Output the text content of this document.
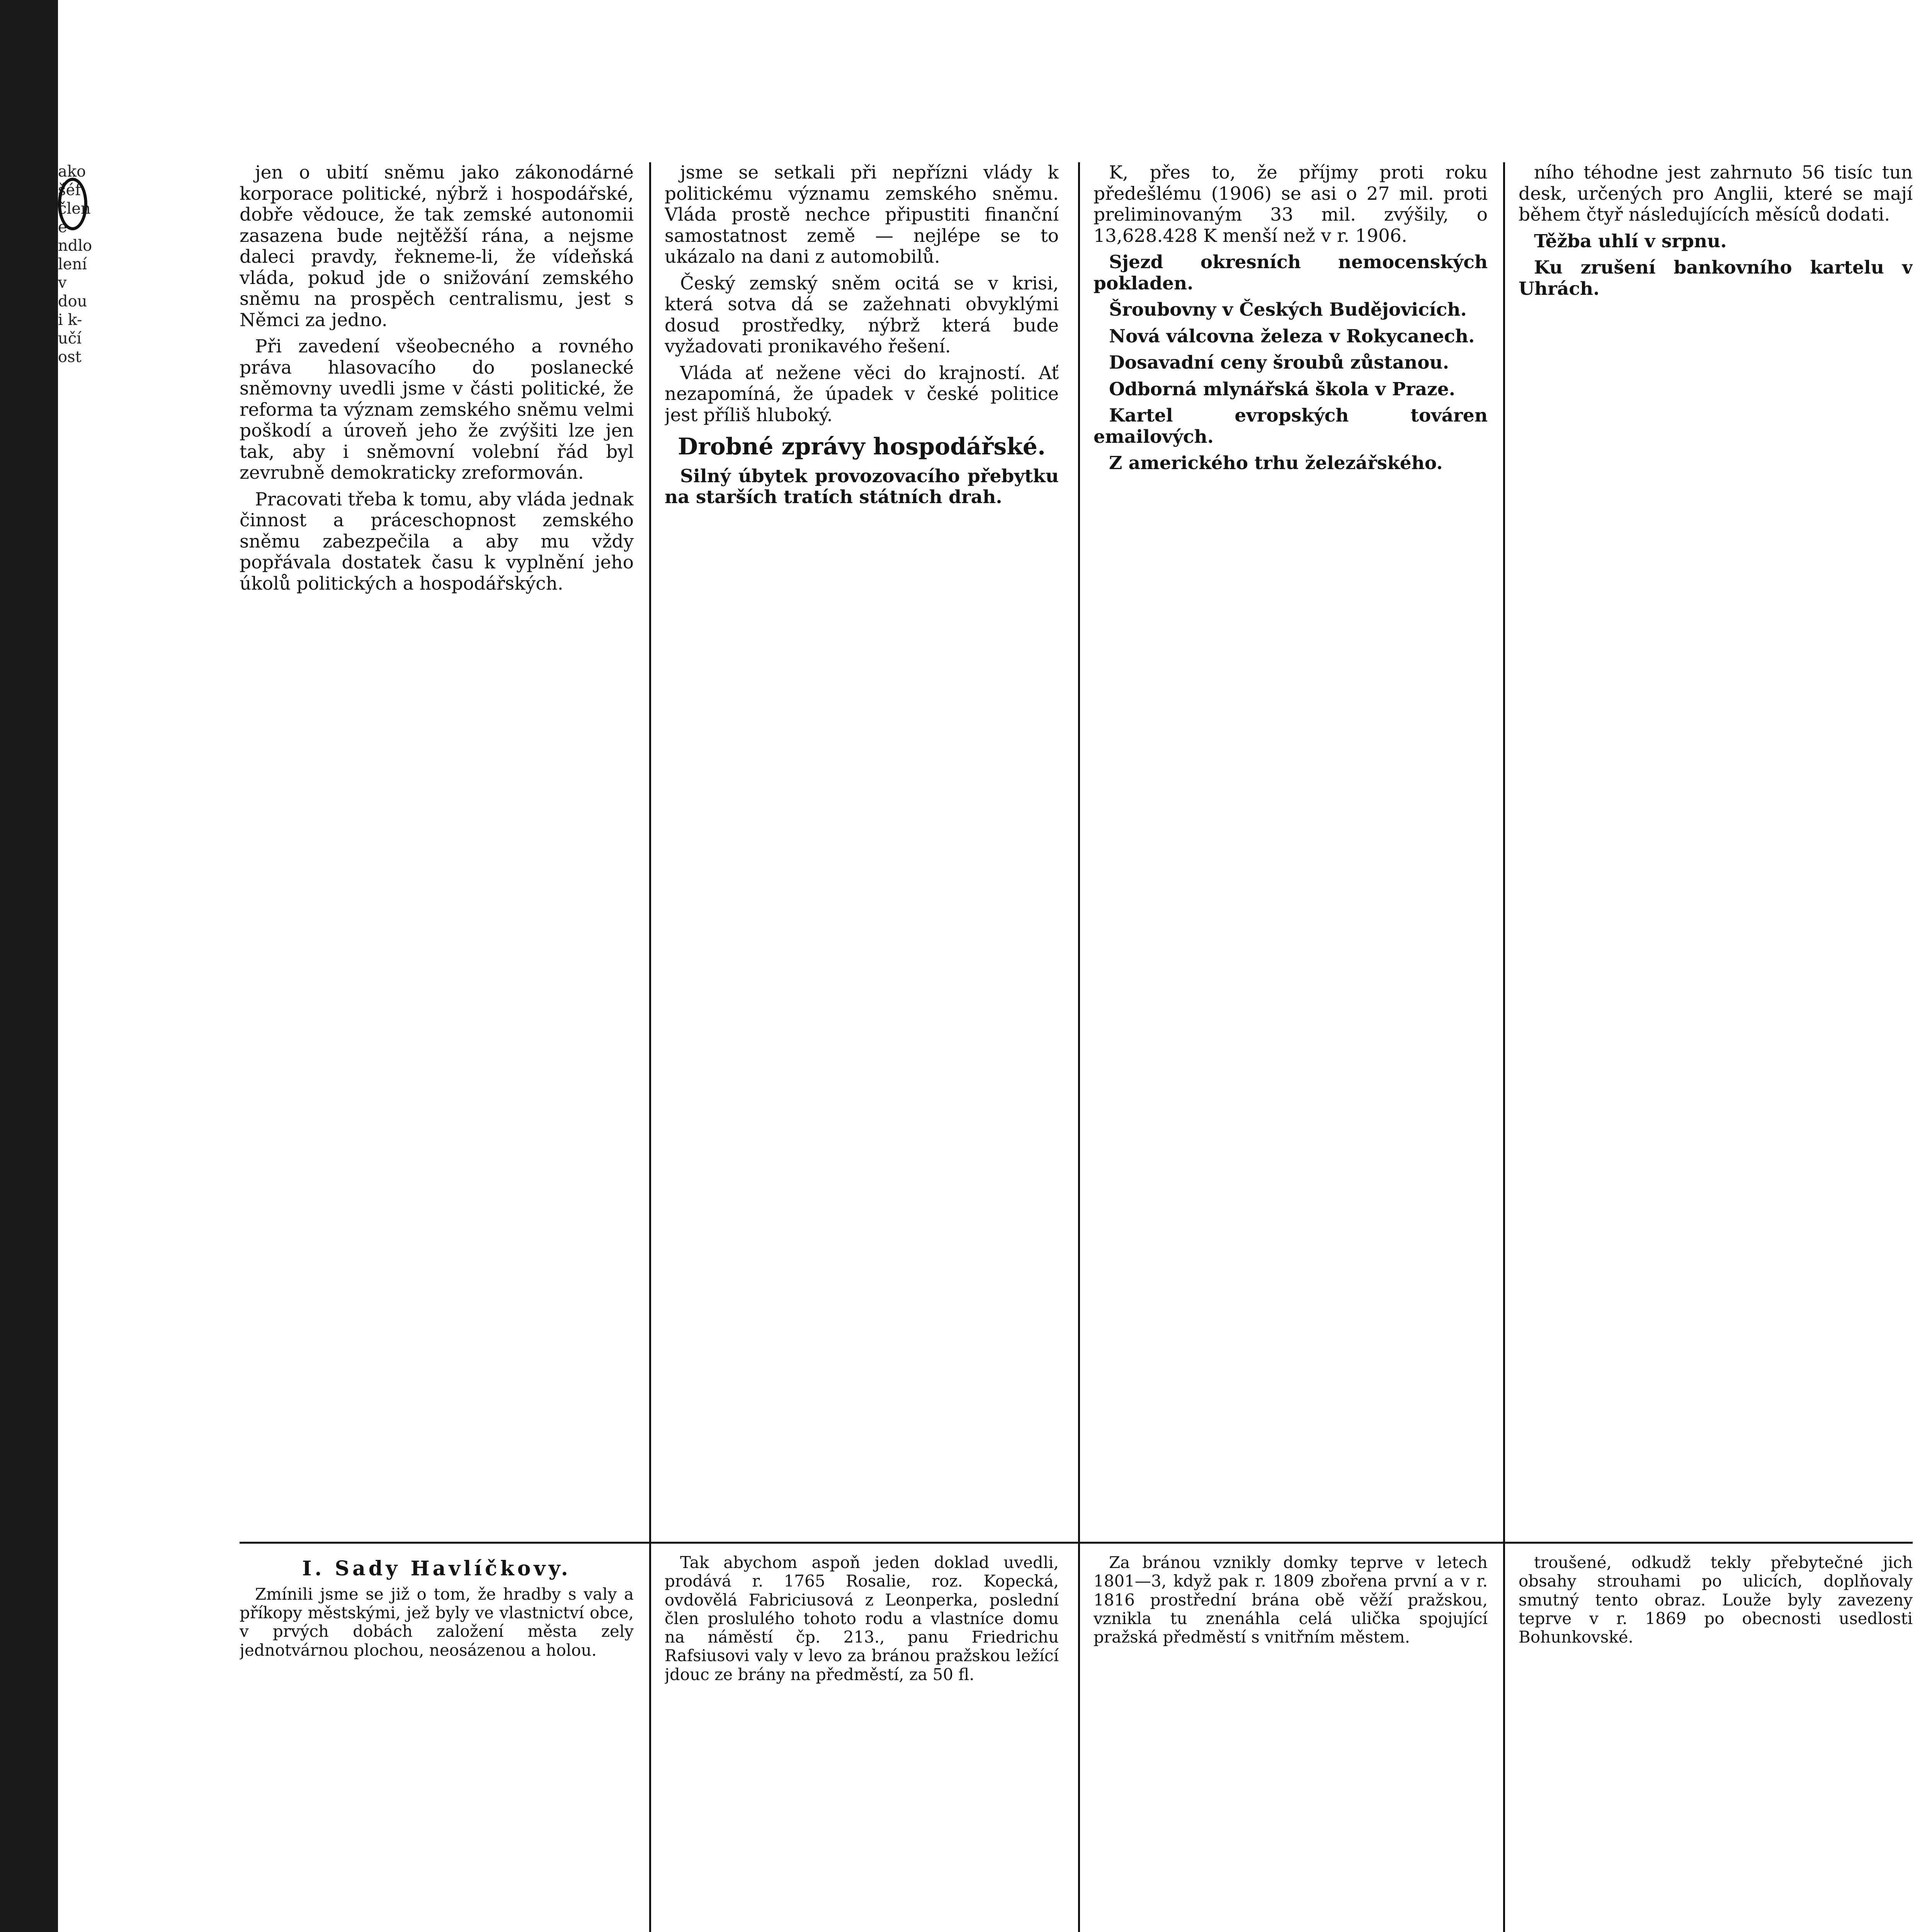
ako
šéf
člen
e-
ndlo
lení
v
dou
i k-
učí
ost

jen o ubití sněmu jako zákonodárné korporace politické, nýbrž i hospodářské, dobře vědouce, že tak zemské autonomii zasazena bude nejtěžší rána, a nejsme daleci pravdy, řekneme-li, že vídeňská vláda, pokud jde o snižování zemského sněmu na prospěch centralismu, jest s Němci za jedno.

Při zavedení všeobecného a rovného práva hlasovacího do poslanecké sněmovny uvedli jsme v části politické, že reforma ta význam zemského sněmu velmi poškodí a úroveň jeho že zvýšiti lze jen tak, aby i sněmovní volební řád byl zevrubně demokraticky zreformován.

Pracovati třeba k tomu, aby vláda jednak činnost a práceschopnost zemského sněmu zabezpečila a aby mu vždy popřávala dostatek času k vyplnění jeho úkolů politických a hospodářských.

jsme se setkali při nepřízni vlády k politickému významu zemského sněmu. Vláda prostě nechce připustiti finanční samostatnost země — nejlépe se to ukázalo na dani z automobilů.

Český zemský sněm ocitá se v krisi, která sotva dá se zažehnati obvyklými dosud prostředky, nýbrž která bude vyžadovati pronikavého řešení.

Vláda ať nežene věci do krajností. Ať nezapomíná, že úpadek v české politice jest příliš hluboký.

Drobné zprávy hospodářské.

Silný úbytek provozovacího přebytku na starších tratích státních drah.

K, přes to, že příjmy proti roku předešlému (1906) se asi o 27 mil. proti preliminovaným 33 mil. zvýšily, o 13,628.428 K menší než v r. 1906.

Sjezd okresních nemocenských pokladen.

Šroubovny v Českých Budějovicích.

Nová válcovna železa v Rokycanech.

Dosavadní ceny šroubů zůstanou.

Odborná mlynářská škola v Praze.

Kartel evropských továren emailových.

Z amerického trhu železářského.

ního téhodne jest zahrnuto 56 tisíc tun desk, určených pro Anglii, které se mají během čtyř následujících měsíců dodati.

Těžba uhlí v srpnu.

Ku zrušení bankovního kartelu v Uhrách.

I. Sady Havlíčkovy.

Zmínili jsme se již o tom, že hradby s valy a příkopy městskými, jež byly ve vlastnictví obce, v prvých dobách založení města zely jednotvárnou plochou, neosázenou a holou.

Tak abychom aspoň jeden doklad uvedli, prodává r. 1765 Rosalie, roz. Kopecká, ovdovělá Fabriciusová z Leonperka, poslední člen proslulého tohoto rodu a vlastníce domu na náměstí čp. 213., panu Friedrichu Rafsiusovi valy v levo za bránou pražskou ležící jdouc ze brány na předměstí, za 50 fl.

Za bránou vznikly domky teprve v letech 1801—3, když pak r. 1809 zbořena první a v r. 1816 prostřední brána obě věží pražskou, vznikla tu znenáhla celá ulička spojující pražská předměstí s vnitřním městem.

troušené, odkudž tekly přebytečné jich obsahy strouhami po ulicích, doplňovaly smutný tento obraz. Louže byly zavezeny teprve v r. 1869 po obecnosti usedlosti Bohunkovské.
